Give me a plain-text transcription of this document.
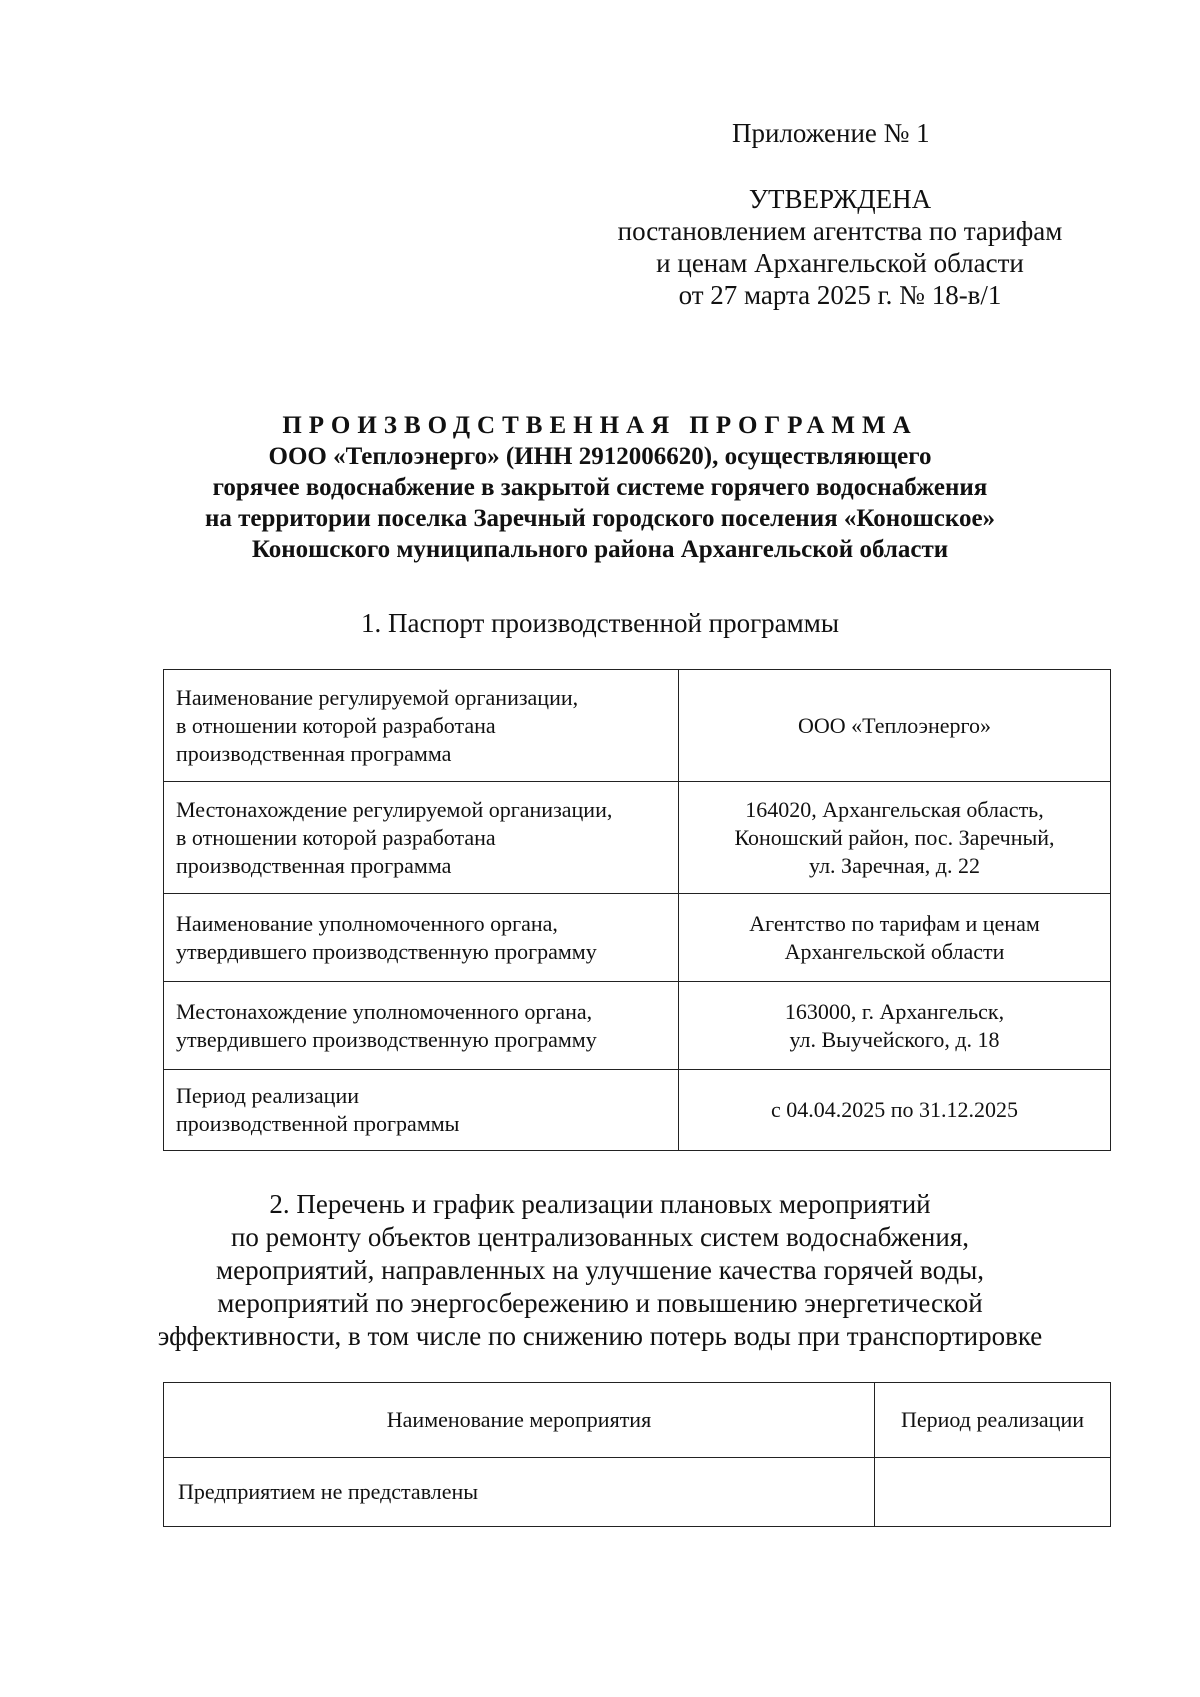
Приложение № 1
УТВЕРЖДЕНА
постановлением агентства по тарифам
и ценам Архангельской области
от 27 марта 2025 г. № 18-в/1
ПРОИЗВОДСТВЕННАЯ ПРОГРАММА
ООО «Теплоэнерго» (ИНН 2912006620), осуществляющего
горячее водоснабжение в закрытой системе горячего водоснабжения
на территории поселка Заречный городского поселения «Коношское»
Коношского муниципального района Архангельской области
1. Паспорт производственной программы
Наименование регулируемой организации,
в отношении которой разработана
производственная программа	ООО «Теплоэнерго»

Местонахождение регулируемой организации,
в отношении которой разработана
производственная программа	164020, Архангельская область,
Коношский район, пос. Заречный,
ул. Заречная, д. 22

Наименование уполномоченного органа,
утвердившего производственную программу	Агентство по тарифам и ценам
Архангельской области

Местонахождение уполномоченного органа,
утвердившего производственную программу	163000, г. Архангельск,
ул. Выучейского, д. 18

Период реализации
производственной программы	с 04.04.2025 по 31.12.2025
2. Перечень и график реализации плановых мероприятий
по ремонту объектов централизованных систем водоснабжения,
мероприятий, направленных на улучшение качества горячей воды,
мероприятий по энергосбережению и повышению энергетической
эффективности, в том числе по снижению потерь воды при транспортировке
Наименование мероприятия	Период реализации
Предприятием не представлены	
